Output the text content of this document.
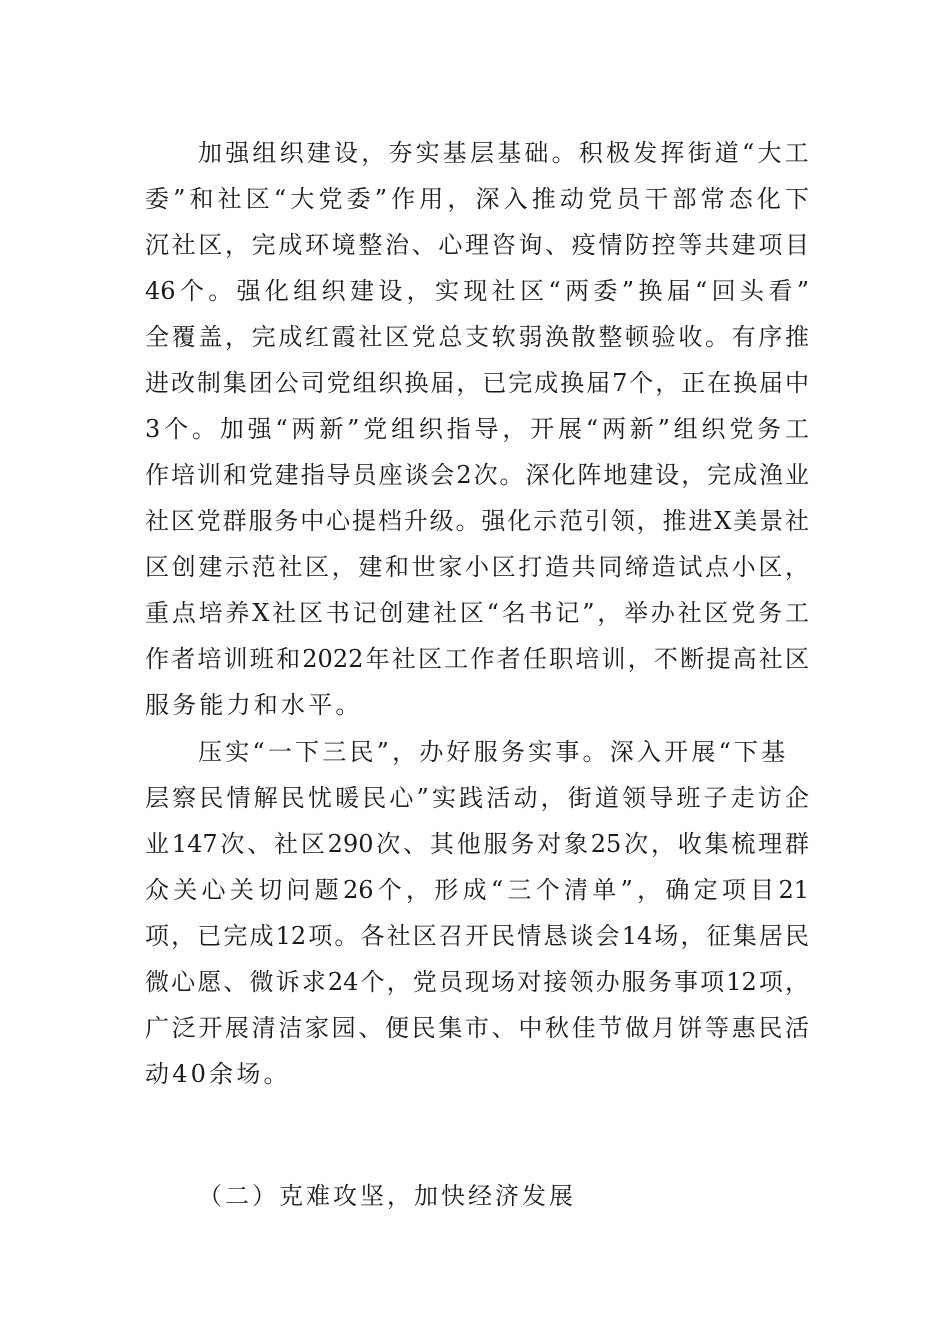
加强组织建设，夯实基层基础。积极发挥街道“大工
委”和社区“大党委”作用，深入推动党员干部常态化下
沉社区，完成环境整治、心理咨询、疫情防控等共建项目
46个。强化组织建设，实现社区“两委”换届“回头看”
全覆盖，完成红霞社区党总支软弱涣散整顿验收。有序推
进改制集团公司党组织换届，已完成换届7个，正在换届中
3个。加强“两新”党组织指导，开展“两新”组织党务工
作培训和党建指导员座谈会2次。深化阵地建设，完成渔业
社区党群服务中心提档升级。强化示范引领，推进X美景社
区创建示范社区，建和世家小区打造共同缔造试点小区，
重点培养X社区书记创建社区“名书记”，举办社区党务工
作者培训班和2022年社区工作者任职培训，不断提高社区
服务能力和水平。
压实“一下三民”，办好服务实事。深入开展“下基
层察民情解民忧暖民心”实践活动，街道领导班子走访企
业147次、社区290次、其他服务对象25次，收集梳理群
众关心关切问题26个，形成“三个清单”，确定项目21
项，已完成12项。各社区召开民情恳谈会14场，征集居民
微心愿、微诉求24个，党员现场对接领办服务事项12项，
广泛开展清洁家园、便民集市、中秋佳节做月饼等惠民活
动40余场。
（二）克难攻坚，加快经济发展
